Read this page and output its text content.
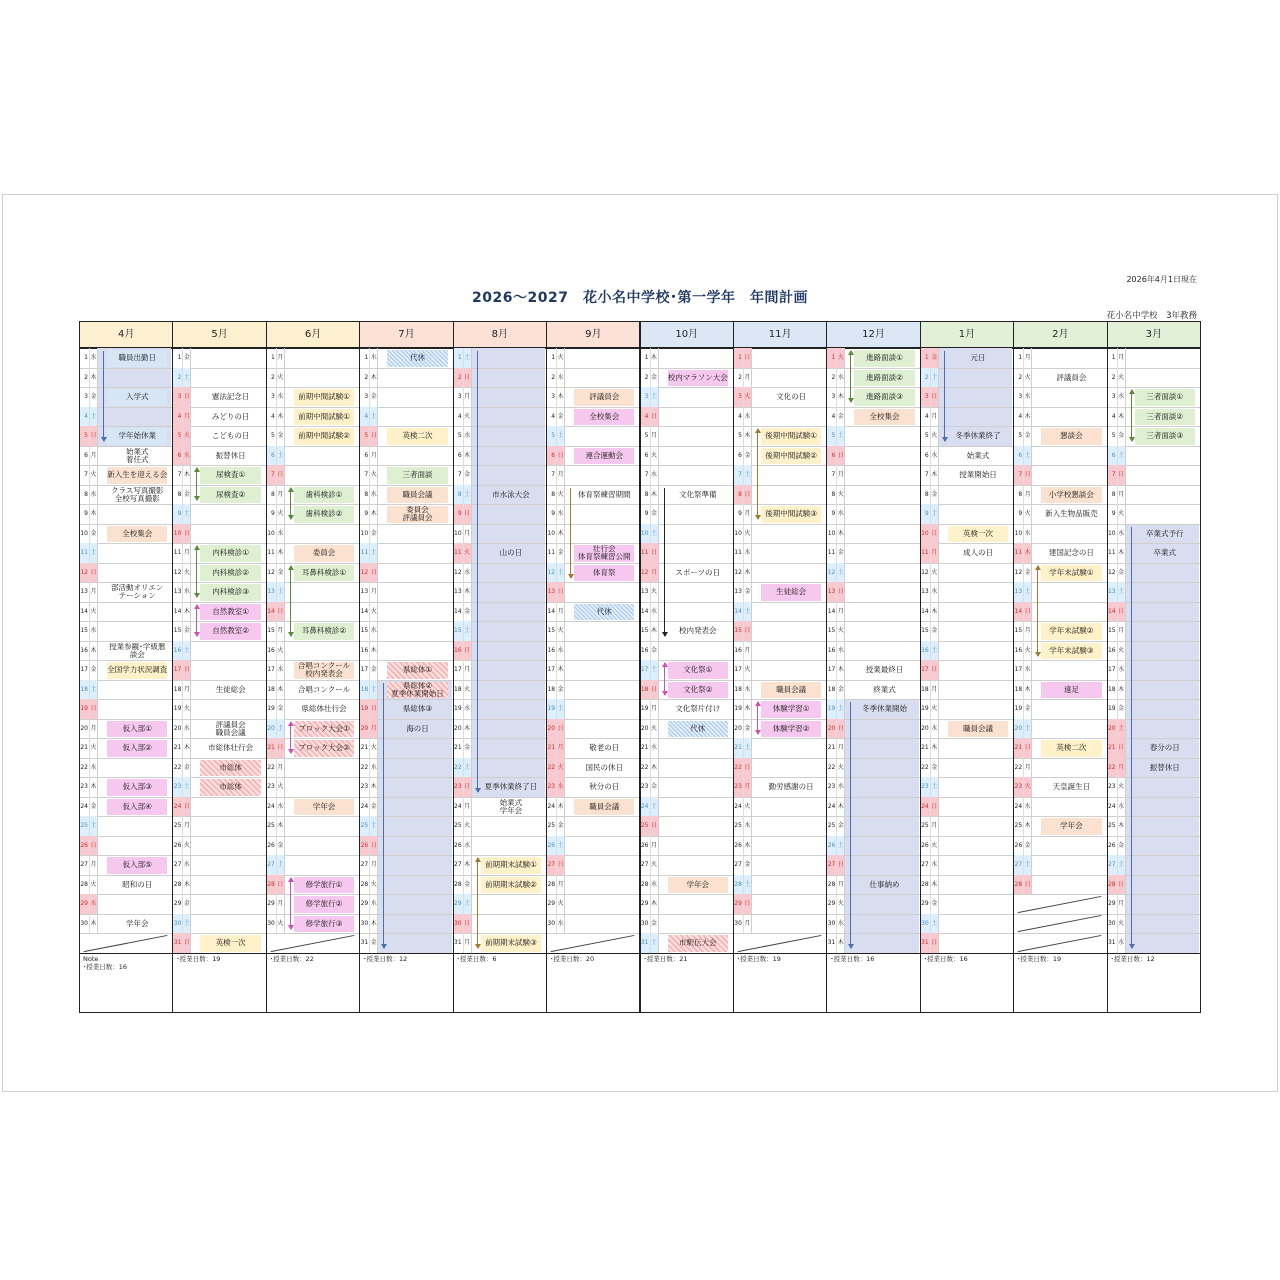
2026年4月1日現在
2026～2027　花小名中学校･第一学年　年間計画
花小名中学校　3年教務
4月
1 水
2 木
3 金
4 土
5 日
6 月
7 火
8 水
9 木
10 金
11 土
12 日
13 月
14 火
15 水
16 木
17 金
18 土
19 日
20 月
21 火
22 水
23 木
24 金
25 土
26 日
27 月
28 火
29 水
30 木
職員出勤日
入学式
学年始休業
始業式
着任式
新入生を迎える会
クラス写真撮影
全校写真撮影
全校集会
部活動オリエン
テーション
授業参観･学級懇
談会
全国学力状況調査
仮入部①
仮入部②
仮入部③
仮入部④
仮入部⑤
昭和の日
学年会
Note
･授業日数：16
5月
1 金
2 土
3 日
4 月
5 火
6 水
7 木
8 金
9 土
10 日
11 月
12 火
13 水
14 木
15 金
16 土
17 日
18 月
19 火
20 水
21 木
22 金
23 土
24 日
25 月
26 火
27 水
28 木
29 金
30 土
31 日
憲法記念日
みどりの日
こどもの日
振替休日
尿検査①
尿検査②
内科検診①
内科検診②
内科検診③
自然教室①
自然教室②
生徒総会
評議員会
職員会議
市総体壮行会
市総体
市総体
英検一次
･授業日数：19
6月
1 月
2 火
3 水
4 木
5 金
6 土
7 日
8 月
9 火
10 水
11 木
12 金
13 土
14 日
15 月
16 火
17 水
18 木
19 金
20 土
21 日
22 月
23 火
24 水
25 木
26 金
27 土
28 日
29 月
30 火
前期中間試験①
前期中間試験①
前期中間試験②
歯科検診①
歯科検診②
委員会
耳鼻科検診①
耳鼻科検診②
合唱コンクール
校内発表会
合唱コンクール
県総体壮行会
ブロック大会①
ブロック大会②
学年会
修学旅行①
修学旅行②
修学旅行③
･授業日数：22
7月
1 水
2 木
3 金
4 土
5 日
6 月
7 火
8 水
9 木
10 金
11 土
12 日
13 月
14 火
15 水
16 木
17 金
18 土
19 日
20 月
21 火
22 水
23 木
24 金
25 土
26 日
27 月
28 火
29 水
30 木
31 金
代休
英検二次
三者面談
職員会議
委員会
評議員会
県総体①
県総体②
夏季休業開始日
県総体③
海の日
･授業日数：12
8月
1 土
2 日
3 月
4 火
5 水
6 木
7 金
8 土
9 日
10 月
11 火
12 水
13 木
14 金
15 土
16 日
17 月
18 火
19 水
20 木
21 金
22 土
23 日
24 月
25 火
26 水
27 木
28 金
29 土
30 日
31 月
市水泳大会
山の日
夏季休業終了日
始業式
学年会
前期期末試験①
前期期末試験②
前期期末試験③
･授業日数：6
9月
1 火
2 水
3 木
4 金
5 土
6 日
7 月
8 火
9 水
10 木
11 金
12 土
13 日
14 月
15 火
16 水
17 木
18 金
19 土
20 日
21 月
22 火
23 水
24 木
25 金
26 土
27 日
28 月
29 火
30 水
評議員会
全校集会
連合運動会
体育祭練習期間
壮行会
体育祭練習公開
体育祭
代休
敬老の日
国民の休日
秋分の日
職員会議
･授業日数：20
10月
1 木
2 金
3 土
4 日
5 月
6 火
7 水
8 木
9 金
10 土
11 日
12 月
13 火
14 水
15 木
16 金
17 土
18 日
19 月
20 火
21 水
22 木
23 金
24 土
25 日
26 月
27 火
28 水
29 木
30 金
31 土
校内マラソン大会
文化祭準備
スポーツの日
校内発表会
文化祭①
文化祭②
文化祭片付け
代休
学年会
市駅伝大会
･授業日数：21
11月
1 日
2 月
3 火
4 水
5 木
6 金
7 土
8 日
9 月
10 火
11 水
12 木
13 金
14 土
15 日
16 月
17 火
18 水
19 木
20 金
21 土
22 日
23 月
24 火
25 水
26 木
27 金
28 土
29 日
30 月
文化の日
後期中間試験①
後期中間試験②
後期中間試験③
生徒総会
職員会議
体験学習①
体験学習②
勤労感謝の日
･授業日数：19
12月
1 火
2 水
3 木
4 金
5 土
6 日
7 月
8 火
9 水
10 木
11 金
12 土
13 日
14 月
15 火
16 水
17 木
18 金
19 土
20 日
21 月
22 火
23 水
24 木
25 金
26 土
27 日
28 月
29 火
30 水
31 木
進路面談①
進路面談②
進路面談③
全校集会
授業最終日
終業式
冬季休業開始
仕事納め
･授業日数：16
1月
1 金
2 土
3 日
4 月
5 火
6 水
7 木
8 金
9 土
10 日
11 月
12 火
13 水
14 木
15 金
16 土
17 日
18 月
19 火
20 水
21 木
22 金
23 土
24 日
25 月
26 火
27 水
28 木
29 金
30 土
31 日
元日
冬季休業終了
始業式
授業開始日
英検一次
成人の日
職員会議
･授業日数：16
2月
1 月
2 火
3 水
4 木
5 金
6 土
7 日
8 月
9 火
10 水
11 木
12 金
13 土
14 日
15 月
16 火
17 水
18 木
19 金
20 土
21 日
22 月
23 火
24 水
25 木
26 金
27 土
28 日
評議員会
懇談会
小学校懇談会
新入生物品販売
建国記念の日
学年末試験①
学年末試験②
学年末試験③
遠足
英検二次
天皇誕生日
学年会
･授業日数：19
3月
1 月
2 火
3 水
4 木
5 金
6 土
7 日
8 月
9 火
10 水
11 木
12 金
13 土
14 日
15 月
16 火
17 水
18 木
19 金
20 土
21 日
22 月
23 火
24 水
25 木
26 金
27 土
28 日
29 月
30 火
31 水
三者面談①
三者面談②
三者面談③
卒業式予行
卒業式
春分の日
振替休日
･授業日数：12
